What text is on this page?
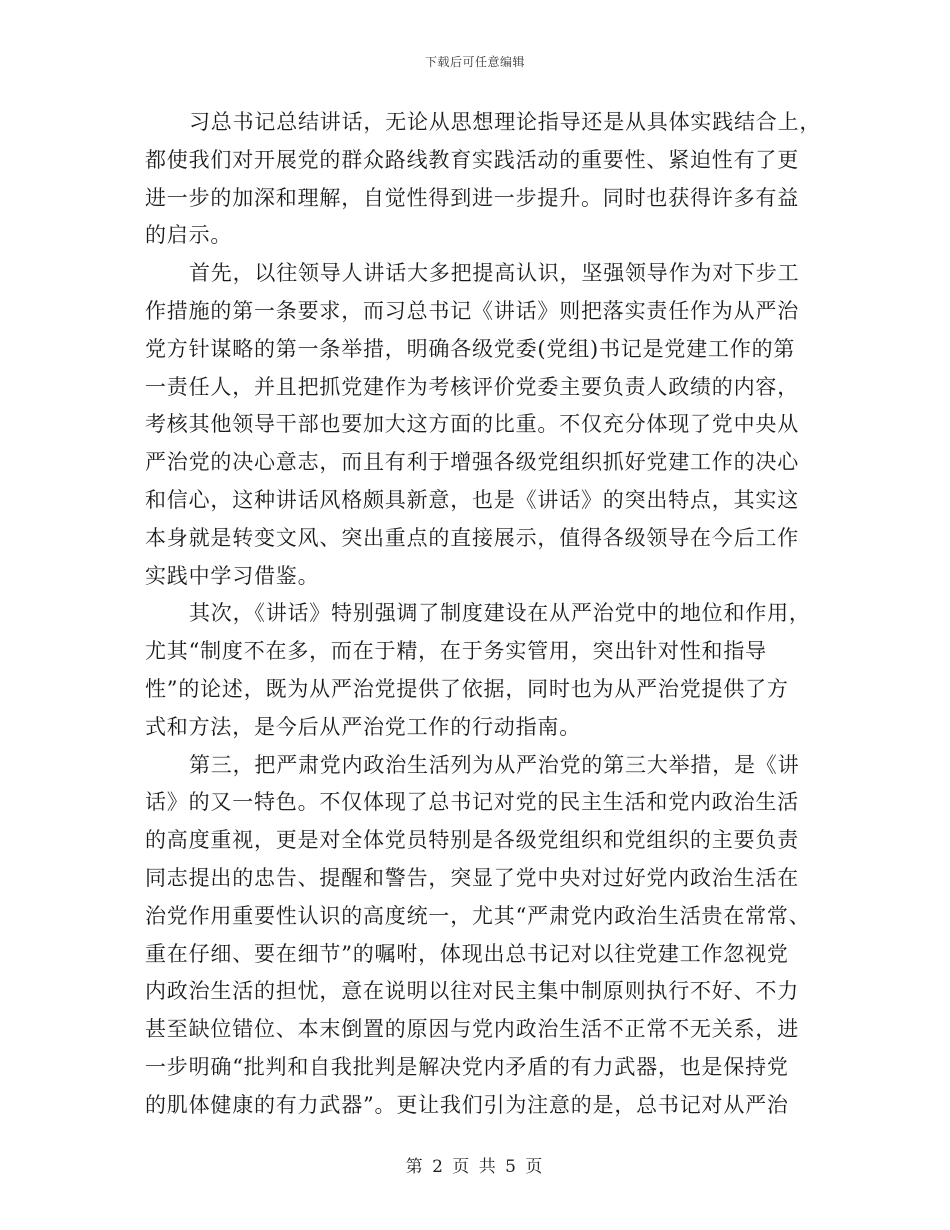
下载后可任意编辑
习总书记总结讲话，无论从思想理论指导还是从具体实践结合上，
都使我们对开展党的群众路线教育实践活动的重要性、紧迫性有了更
进一步的加深和理解，自觉性得到进一步提升。同时也获得许多有益
的启示。
首先，以往领导人讲话大多把提高认识，坚强领导作为对下步工
作措施的第一条要求，而习总书记《讲话》则把落实责任作为从严治
党方针谋略的第一条举措，明确各级党委(党组)书记是党建工作的第
一责任人，并且把抓党建作为考核评价党委主要负责人政绩的内容，
考核其他领导干部也要加大这方面的比重。不仅充分体现了党中央从
严治党的决心意志，而且有利于增强各级党组织抓好党建工作的决心
和信心，这种讲话风格颇具新意，也是《讲话》的突出特点，其实这
本身就是转变文风、突出重点的直接展示，值得各级领导在今后工作
实践中学习借鉴。
其次，《讲话》特别强调了制度建设在从严治党中的地位和作用，
尤其“制度不在多，而在于精，在于务实管用，突出针对性和指导
性”的论述，既为从严治党提供了依据，同时也为从严治党提供了方
式和方法，是今后从严治党工作的行动指南。
第三，把严肃党内政治生活列为从严治党的第三大举措，是《讲
话》的又一特色。不仅体现了总书记对党的民主生活和党内政治生活
的高度重视，更是对全体党员特别是各级党组织和党组织的主要负责
同志提出的忠告、提醒和警告，突显了党中央对过好党内政治生活在
治党作用重要性认识的高度统一，尤其“严肃党内政治生活贵在常常、
重在仔细、要在细节”的嘱咐，体现出总书记对以往党建工作忽视党
内政治生活的担忧，意在说明以往对民主集中制原则执行不好、不力
甚至缺位错位、本末倒置的原因与党内政治生活不正常不无关系，进
一步明确“批判和自我批判是解决党内矛盾的有力武器，也是保持党
的肌体健康的有力武器”。更让我们引为注意的是，总书记对从严治
第 2 页 共 5 页
